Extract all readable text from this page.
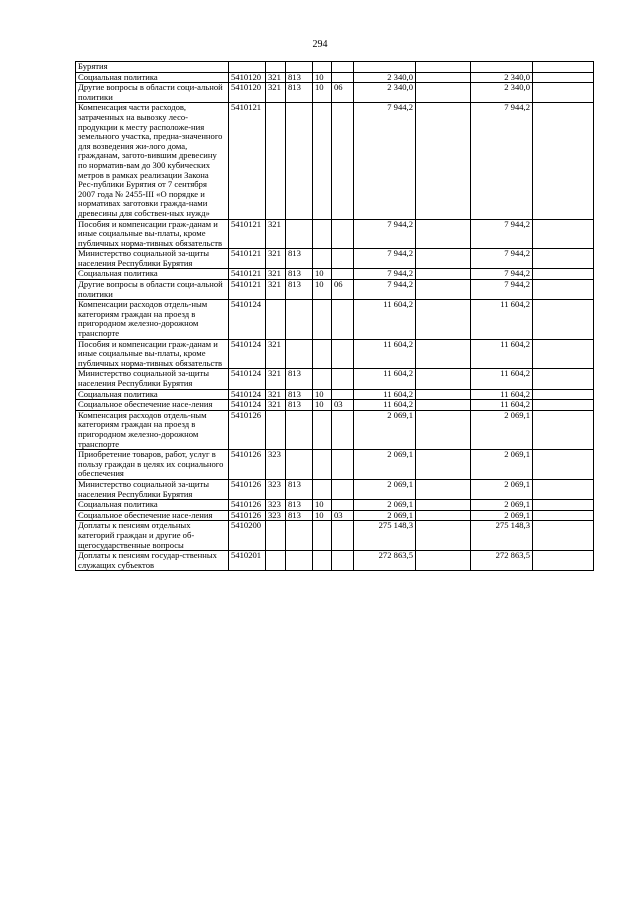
294
Бурятия									
Социальная политика	5410120	321	813	10		2 340,0		2 340,0	
Другие вопросы в области соци-альной политики	5410120	321	813	10	06	2 340,0		2 340,0	
Компенсация части расходов, затраченных на вывозку лесо-продукции к месту расположе-ния земельного участка, предна-значенного для возведения жи-лого дома, гражданам, загото-вившим древесину по норматив-вам до 300 кубических метров в рамках реализации Закона Рес-публики Бурятия от 7 сентября 2007 года № 2455-III «О порядке и нормативах заготовки гражда-нами древесины для собствен-ных нужд»	5410121					7 944,2		7 944,2	
Пособия и компенсации граж-данам и иные социальные вы-платы, кроме публичных норма-тивных обязательств	5410121	321				7 944,2		7 944,2	
Министерство социальной за-щиты населения Республики Бурятия	5410121	321	813			7 944,2		7 944,2	
Социальная политика	5410121	321	813	10		7 944,2		7 944,2	
Другие вопросы в области соци-альной политики	5410121	321	813	10	06	7 944,2		7 944,2	
Компенсации расходов отдель-ным категориям граждан на проезд в пригородном железно-дорожном транспорте	5410124					11 604,2		11 604,2	
Пособия и компенсации граж-данам и иные социальные вы-платы, кроме публичных норма-тивных обязательств	5410124	321				11 604,2		11 604,2	
Министерство социальной за-щиты населения Республики Бурятия	5410124	321	813			11 604,2		11 604,2	
Социальная политика	5410124	321	813	10		11 604,2		11 604,2	
Социальное обеспечение насе-ления	5410124	321	813	10	03	11 604,2		11 604,2	
Компенсация расходов отдель-ным категориям граждан на проезд в пригородном железно-дорожном транспорте	5410126					2 069,1		2 069,1	
Приобретение товаров, работ, услуг в пользу граждан в целях их социального обеспечения	5410126	323				2 069,1		2 069,1	
Министерство социальной за-щиты населения Республики Бурятия	5410126	323	813			2 069,1		2 069,1	
Социальная политика	5410126	323	813	10		2 069,1		2 069,1	
Социальное обеспечение насе-ления	5410126	323	813	10	03	2 069,1		2 069,1	
Доплаты к пенсиям отдельных категорий граждан и другие об-щегосударственные вопросы	5410200					275 148,3		275 148,3	
Доплаты к пенсиям государ-ственных служащих субъектов	5410201					272 863,5		272 863,5	
